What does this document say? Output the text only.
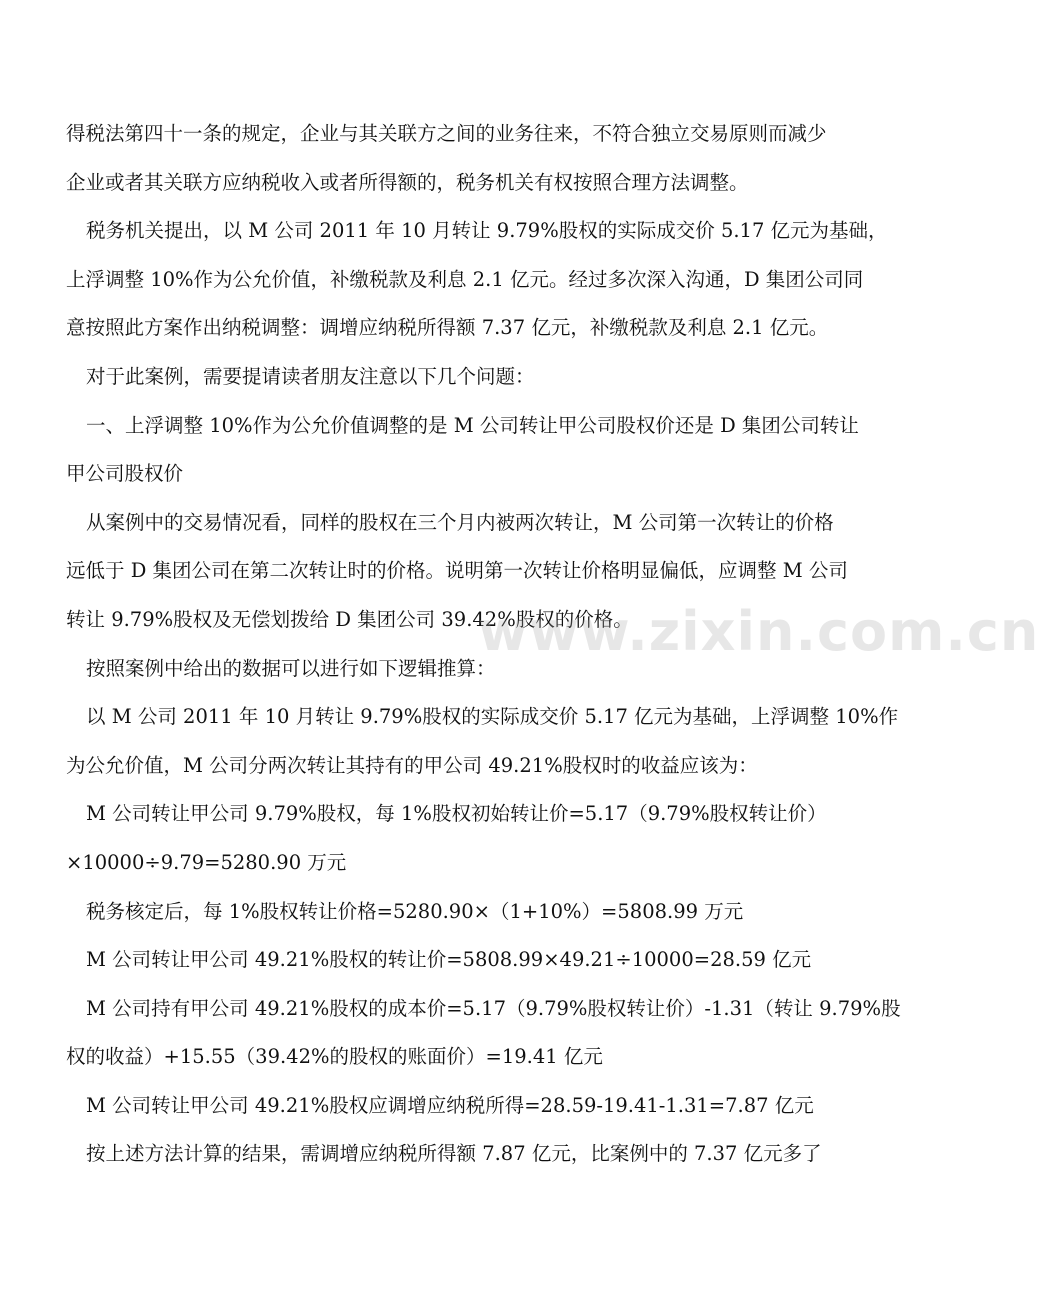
得税法第四十一条的规定，企业与其关联方之间的业务往来，不符合独立交易原则而减少
企业或者其关联方应纳税收入或者所得额的，税务机关有权按照合理方法调整。
税务机关提出，以 M 公司 2011 年 10 月转让 9.79%股权的实际成交价 5.17 亿元为基础，
上浮调整 10%作为公允价值，补缴税款及利息 2.1 亿元。经过多次深入沟通，D 集团公司同
意按照此方案作出纳税调整：调增应纳税所得额 7.37 亿元，补缴税款及利息 2.1 亿元。
对于此案例，需要提请读者朋友注意以下几个问题：
一、上浮调整 10%作为公允价值调整的是 M 公司转让甲公司股权价还是 D 集团公司转让
甲公司股权价
从案例中的交易情况看，同样的股权在三个月内被两次转让，M 公司第一次转让的价格
远低于 D 集团公司在第二次转让时的价格。说明第一次转让价格明显偏低，应调整 M 公司
转让 9.79%股权及无偿划拨给 D 集团公司 39.42%股权的价格。
按照案例中给出的数据可以进行如下逻辑推算：
以 M 公司 2011 年 10 月转让 9.79%股权的实际成交价 5.17 亿元为基础，上浮调整 10%作
为公允价值，M 公司分两次转让其持有的甲公司 49.21%股权时的收益应该为：
M 公司转让甲公司 9.79%股权，每 1%股权初始转让价=5.17（9.79%股权转让价）
×10000÷9.79=5280.90 万元
税务核定后，每 1%股权转让价格=5280.90×（1+10%）=5808.99 万元
M 公司转让甲公司 49.21%股权的转让价=5808.99×49.21÷10000=28.59 亿元
M 公司持有甲公司 49.21%股权的成本价=5.17（9.79%股权转让价）-1.31（转让 9.79%股
权的收益）+15.55（39.42%的股权的账面价）=19.41 亿元
M 公司转让甲公司 49.21%股权应调增应纳税所得=28.59-19.41-1.31=7.87 亿元
按上述方法计算的结果，需调增应纳税所得额 7.87 亿元，比案例中的 7.37 亿元多了
www.zixin.com.cn
